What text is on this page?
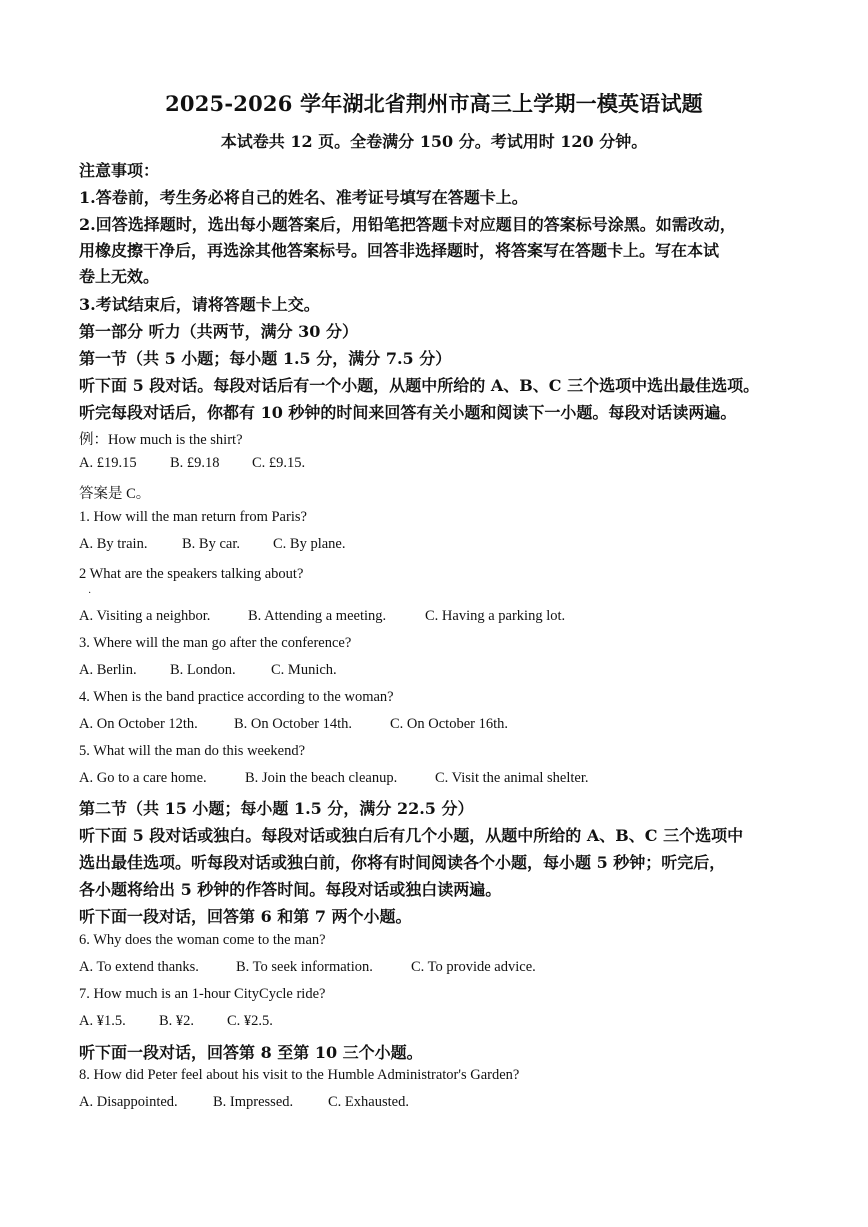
2025-2026 学年湖北省荆州市高三上学期一模英语试题
本试卷共 12 页。全卷满分 150 分。考试用时 120 分钟。
注意事项：
1.答卷前，考生务必将自己的姓名、准考证号填写在答题卡上。
2.回答选择题时，选出每小题答案后，用铅笔把答题卡对应题目的答案标号涂黑。如需改动，
用橡皮擦干净后，再选涂其他答案标号。回答非选择题时，将答案写在答题卡上。写在本试
卷上无效。
3.考试结束后，请将答题卡上交。
第一部分 听力（共两节，满分 30 分）
第一节（共 5 小题；每小题 1.5 分，满分 7.5 分）
听下面 5 段对话。每段对话后有一个小题，从题中所给的 A、B、C 三个选项中选出最佳选项。
听完每段对话后，你都有 10 秒钟的时间来回答有关小题和阅读下一小题。每段对话读两遍。
例：How much is the shirt?
A. £19.15 B. £9.18 C. £9.15.
答案是 C。
1. How will the man return from Paris?
A. By train. B. By car. C. By plane.
2 What are the speakers talking about?
·
A. Visiting a neighbor.	B. Attending a meeting.	C. Having a parking lot.
3. Where will the man go after the conference?
A. Berlin. B. London. C. Munich.
4. When is the band practice according to the woman?
A. On October 12th. B. On October 14th.	C. On October 16th.
5. What will the man do this weekend?
A. Go to a care home.	B. Join the beach cleanup.	C. Visit the animal shelter.
第二节（共 15 小题；每小题 1.5 分，满分 22.5 分）
听下面 5 段对话或独白。每段对话或独白后有几个小题，从题中所给的 A、B、C 三个选项中
选出最佳选项。听每段对话或独白前，你将有时间阅读各个小题，每小题 5 秒钟；听完后，
各小题将给出 5 秒钟的作答时间。每段对话或独白读两遍。
听下面一段对话，回答第 6 和第 7 两个小题。
6. Why does the woman come to the man?
A. To extend thanks.	B. To seek information.	C. To provide advice.
7. How much is an 1-hour CityCycle ride?
A. ¥1.5. B. ¥2. C. ¥2.5.
听下面一段对话，回答第 8 至第 10 三个小题。
8. How did Peter feel about his visit to the Humble Administrator's Garden?
A. Disappointed. B. Impressed. C. Exhausted.
